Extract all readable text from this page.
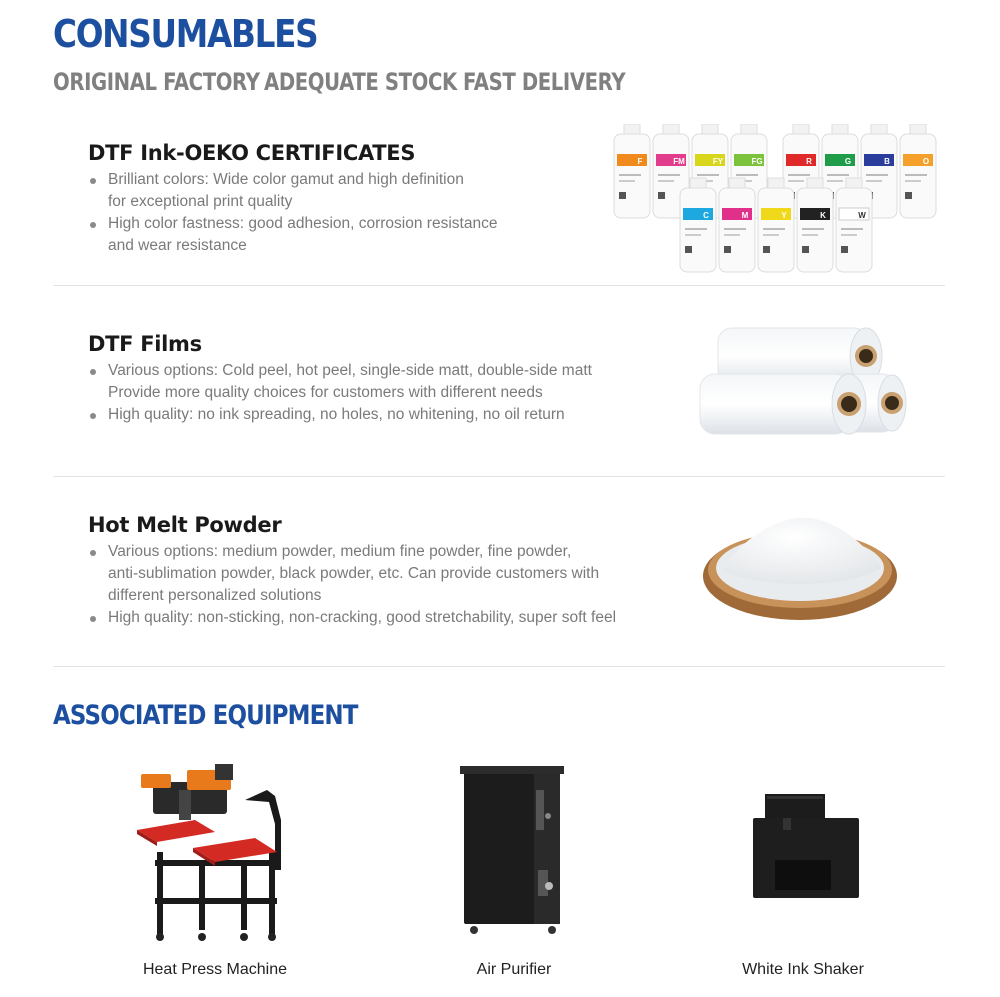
CONSUMABLES
ORIGINAL FACTORY ADEQUATE STOCK FAST DELIVERY
DTF Ink-OEKO CERTIFICATES
Brilliant colors: Wide color gamut and high definition
for exceptional print quality
High color fastness: good adhesion, corrosion resistance
and wear resistance
F	FM	FY	FG	R	G	B	O
C	M	Y	K	W
DTF Films
Various options: Cold peel, hot peel, single-side matt, double-side matt
Provide more quality choices for customers with different needs
High quality: no ink spreading, no holes, no whitening, no oil return
Hot Melt Powder
Various options: medium powder, medium fine powder, fine powder,
anti-sublimation powder, black powder, etc. Can provide customers with
different personalized solutions
High quality: non-sticking, non-cracking, good stretchability, super soft feel
ASSOCIATED EQUIPMENT
Heat Press Machine	Air Purifier	White Ink Shaker
